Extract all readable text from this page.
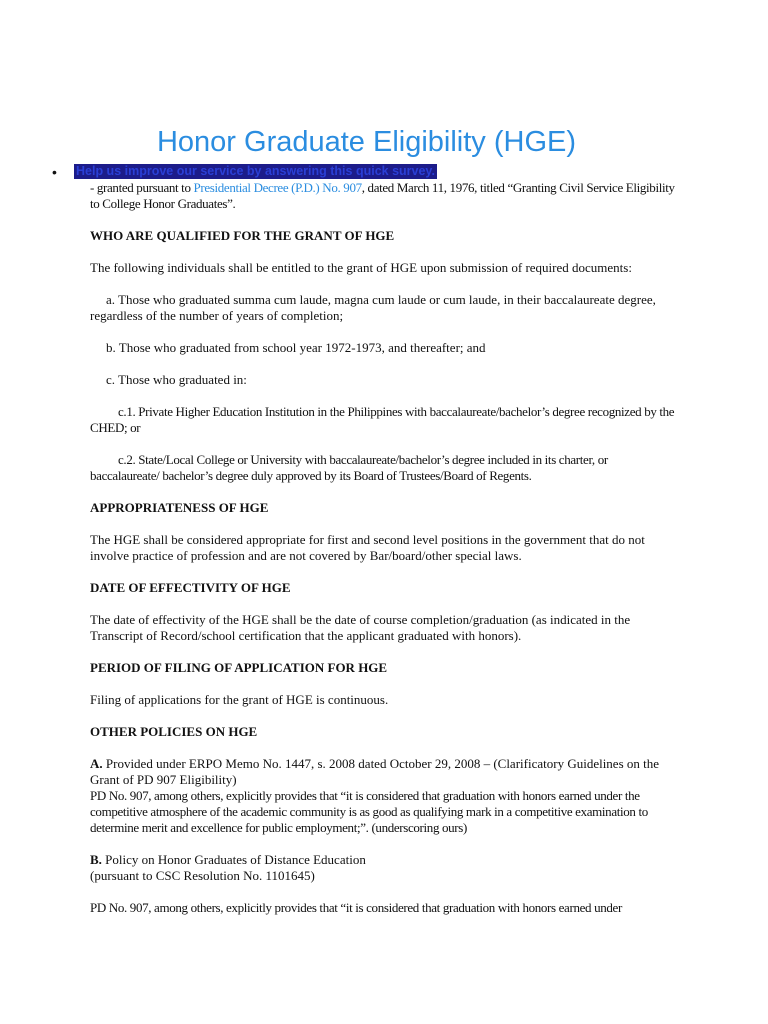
Honor Graduate Eligibility (HGE)
• Help us improve our service by answering this quick survey.

- granted pursuant to Presidential Decree (P.D.) No. 907, dated March 11, 1976, titled “Granting Civil Service Eligibility to College Honor Graduates”.

WHO ARE QUALIFIED FOR THE GRANT OF HGE

The following individuals shall be entitled to the grant of HGE upon submission of required documents:

a. Those who graduated summa cum laude, magna cum laude or cum laude, in their baccalaureate degree, regardless of the number of years of completion;

b. Those who graduated from school year 1972-1973, and thereafter; and

c. Those who graduated in:

c.1. Private Higher Education Institution in the Philippines with baccalaureate/bachelor’s degree recognized by the CHED; or

c.2. State/Local College or University with baccalaureate/bachelor’s degree included in its charter, or baccalaureate/ bachelor’s degree duly approved by its Board of Trustees/Board of Regents.

APPROPRIATENESS OF HGE

The HGE shall be considered appropriate for first and second level positions in the government that do not involve practice of profession and are not covered by Bar/board/other special laws.

DATE OF EFFECTIVITY OF HGE

The date of effectivity of the HGE shall be the date of course completion/graduation (as indicated in the Transcript of Record/school certification that the applicant graduated with honors).

PERIOD OF FILING OF APPLICATION FOR HGE

Filing of applications for the grant of HGE is continuous.

OTHER POLICIES ON HGE

A. Provided under ERPO Memo No. 1447, s. 2008 dated October 29, 2008 – (Clarificatory Guidelines on the Grant of PD 907 Eligibility)

PD No. 907, among others, explicitly provides that “it is considered that graduation with honors earned under the competitive atmosphere of the academic community is as good as qualifying mark in a competitive examination to determine merit and excellence for public employment;”. (underscoring ours)

B. Policy on Honor Graduates of Distance Education

(pursuant to CSC Resolution No. 1101645)

PD No. 907, among others, explicitly provides that “it is considered that graduation with honors earned under
